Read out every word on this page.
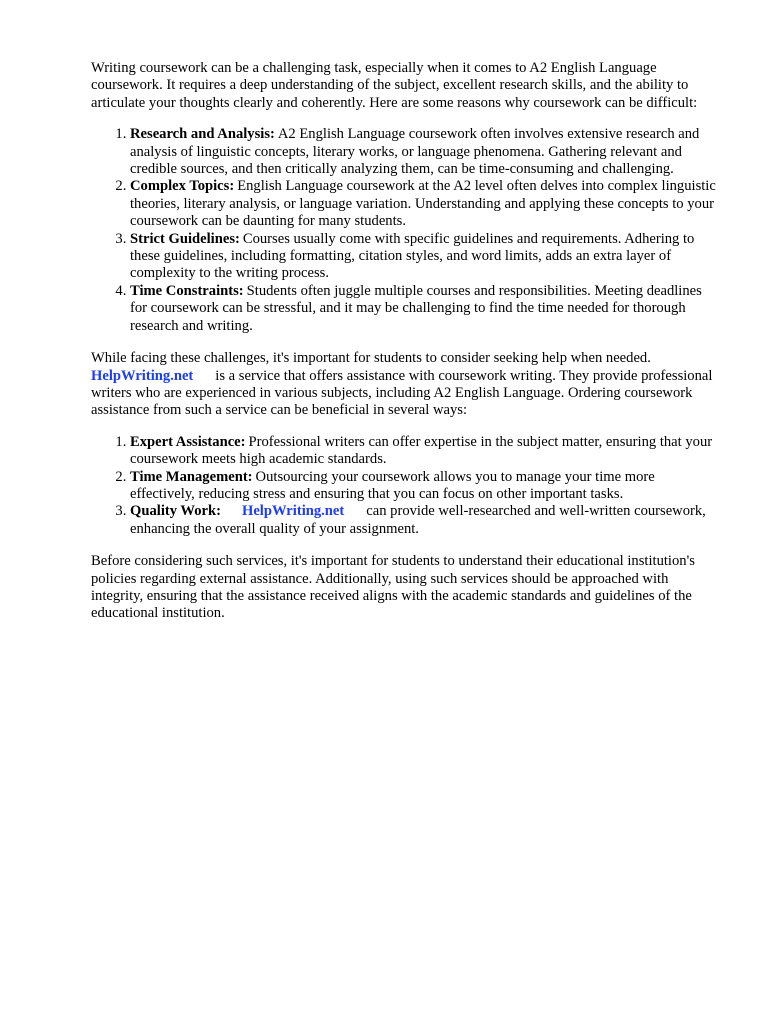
Writing coursework can be a challenging task, especially when it comes to A2 English Language coursework. It requires a deep understanding of the subject, excellent research skills, and the ability to articulate your thoughts clearly and coherently. Here are some reasons why coursework can be difficult:

1. Research and Analysis: A2 English Language coursework often involves extensive research and analysis of linguistic concepts, literary works, or language phenomena. Gathering relevant and credible sources, and then critically analyzing them, can be time-consuming and challenging.
2. Complex Topics: English Language coursework at the A2 level often delves into complex linguistic theories, literary analysis, or language variation. Understanding and applying these concepts to your coursework can be daunting for many students.
3. Strict Guidelines: Courses usually come with specific guidelines and requirements. Adhering to these guidelines, including formatting, citation styles, and word limits, adds an extra layer of complexity to the writing process.
4. Time Constraints: Students often juggle multiple courses and responsibilities. Meeting deadlines for coursework can be stressful, and it may be challenging to find the time needed for thorough research and writing.

While facing these challenges, it's important for students to consider seeking help when needed.
HelpWriting.net is a service that offers assistance with coursework writing. They provide professional writers who are experienced in various subjects, including A2 English Language. Ordering coursework assistance from such a service can be beneficial in several ways:

1. Expert Assistance: Professional writers can offer expertise in the subject matter, ensuring that your coursework meets high academic standards.
2. Time Management: Outsourcing your coursework allows you to manage your time more effectively, reducing stress and ensuring that you can focus on other important tasks.
3. Quality Work: HelpWriting.net can provide well-researched and well-written coursework, enhancing the overall quality of your assignment.

Before considering such services, it's important for students to understand their educational institution's policies regarding external assistance. Additionally, using such services should be approached with integrity, ensuring that the assistance received aligns with the academic standards and guidelines of the educational institution.
